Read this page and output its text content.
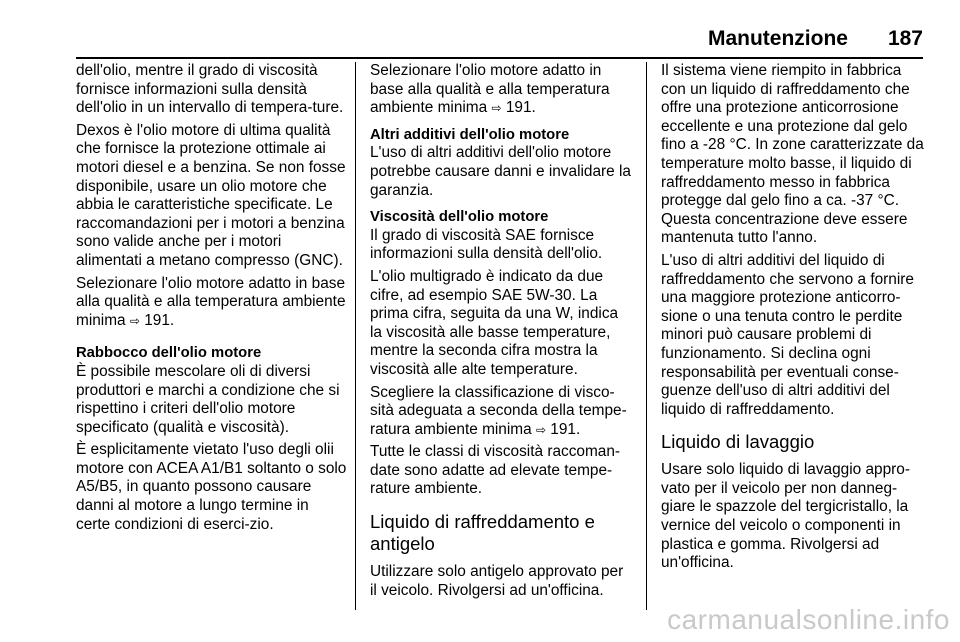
Manutenzione 187

dell'olio, mentre il grado di viscosità fornisce informazioni sulla densità dell'olio in un intervallo di tempera-ture.

Dexos è l'olio motore di ultima qualità che fornisce la protezione ottimale ai motori diesel e a benzina. Se non fosse disponibile, usare un olio motore che abbia le caratteristiche specificate. Le raccomandazioni per i motori a benzina sono valide anche per i motori alimentati a metano compresso (GNC).

Selezionare l'olio motore adatto in base alla qualità e alla temperatura ambiente minima ⇨ 191.

Rabbocco dell'olio motore

È possibile mescolare oli di diversi produttori e marchi a condizione che si rispettino i criteri dell'olio motore specificato (qualità e viscosità).

È esplicitamente vietato l'uso degli olii motore con ACEA A1/B1 soltanto o solo A5/B5, in quanto possono causare danni al motore a lungo termine in certe condizioni di eserci-zio.

Selezionare l'olio motore adatto in base alla qualità e alla temperatura ambiente minima ⇨ 191.

Altri additivi dell'olio motore

L'uso di altri additivi dell'olio motore potrebbe causare danni e invalidare la garanzia.

Viscosità dell'olio motore

Il grado di viscosità SAE fornisce informazioni sulla densità dell'olio.

L'olio multigrado è indicato da due cifre, ad esempio SAE 5W-30. La prima cifra, seguita da una W, indica la viscosità alle basse temperature, mentre la seconda cifra mostra la viscosità alle alte temperature.

Scegliere la classificazione di visco-sità adeguata a seconda della tempe-ratura ambiente minima ⇨ 191.

Tutte le classi di viscosità raccoman-date sono adatte ad elevate tempe-rature ambiente.

Liquido di raffreddamento e antigelo

Utilizzare solo antigelo approvato per il veicolo. Rivolgersi ad un'officina.

Il sistema viene riempito in fabbrica con un liquido di raffreddamento che offre una protezione anticorrosione eccellente e una protezione dal gelo fino a -28 °C. In zone caratterizzate da temperature molto basse, il liquido di raffreddamento messo in fabbrica protegge dal gelo fino a ca. -37 °C. Questa concentrazione deve essere mantenuta tutto l'anno.

L'uso di altri additivi del liquido di raffreddamento che servono a fornire una maggiore protezione anticorro-sione o una tenuta contro le perdite minori può causare problemi di funzionamento. Si declina ogni responsabilità per eventuali conse-guenze dell'uso di altri additivi del liquido di raffreddamento.

Liquido di lavaggio

Usare solo liquido di lavaggio appro-vato per il veicolo per non danneg-giare le spazzole del tergicristallo, la vernice del veicolo o componenti in plastica e gomma. Rivolgersi ad un'officina.

carmanualsonline.info
